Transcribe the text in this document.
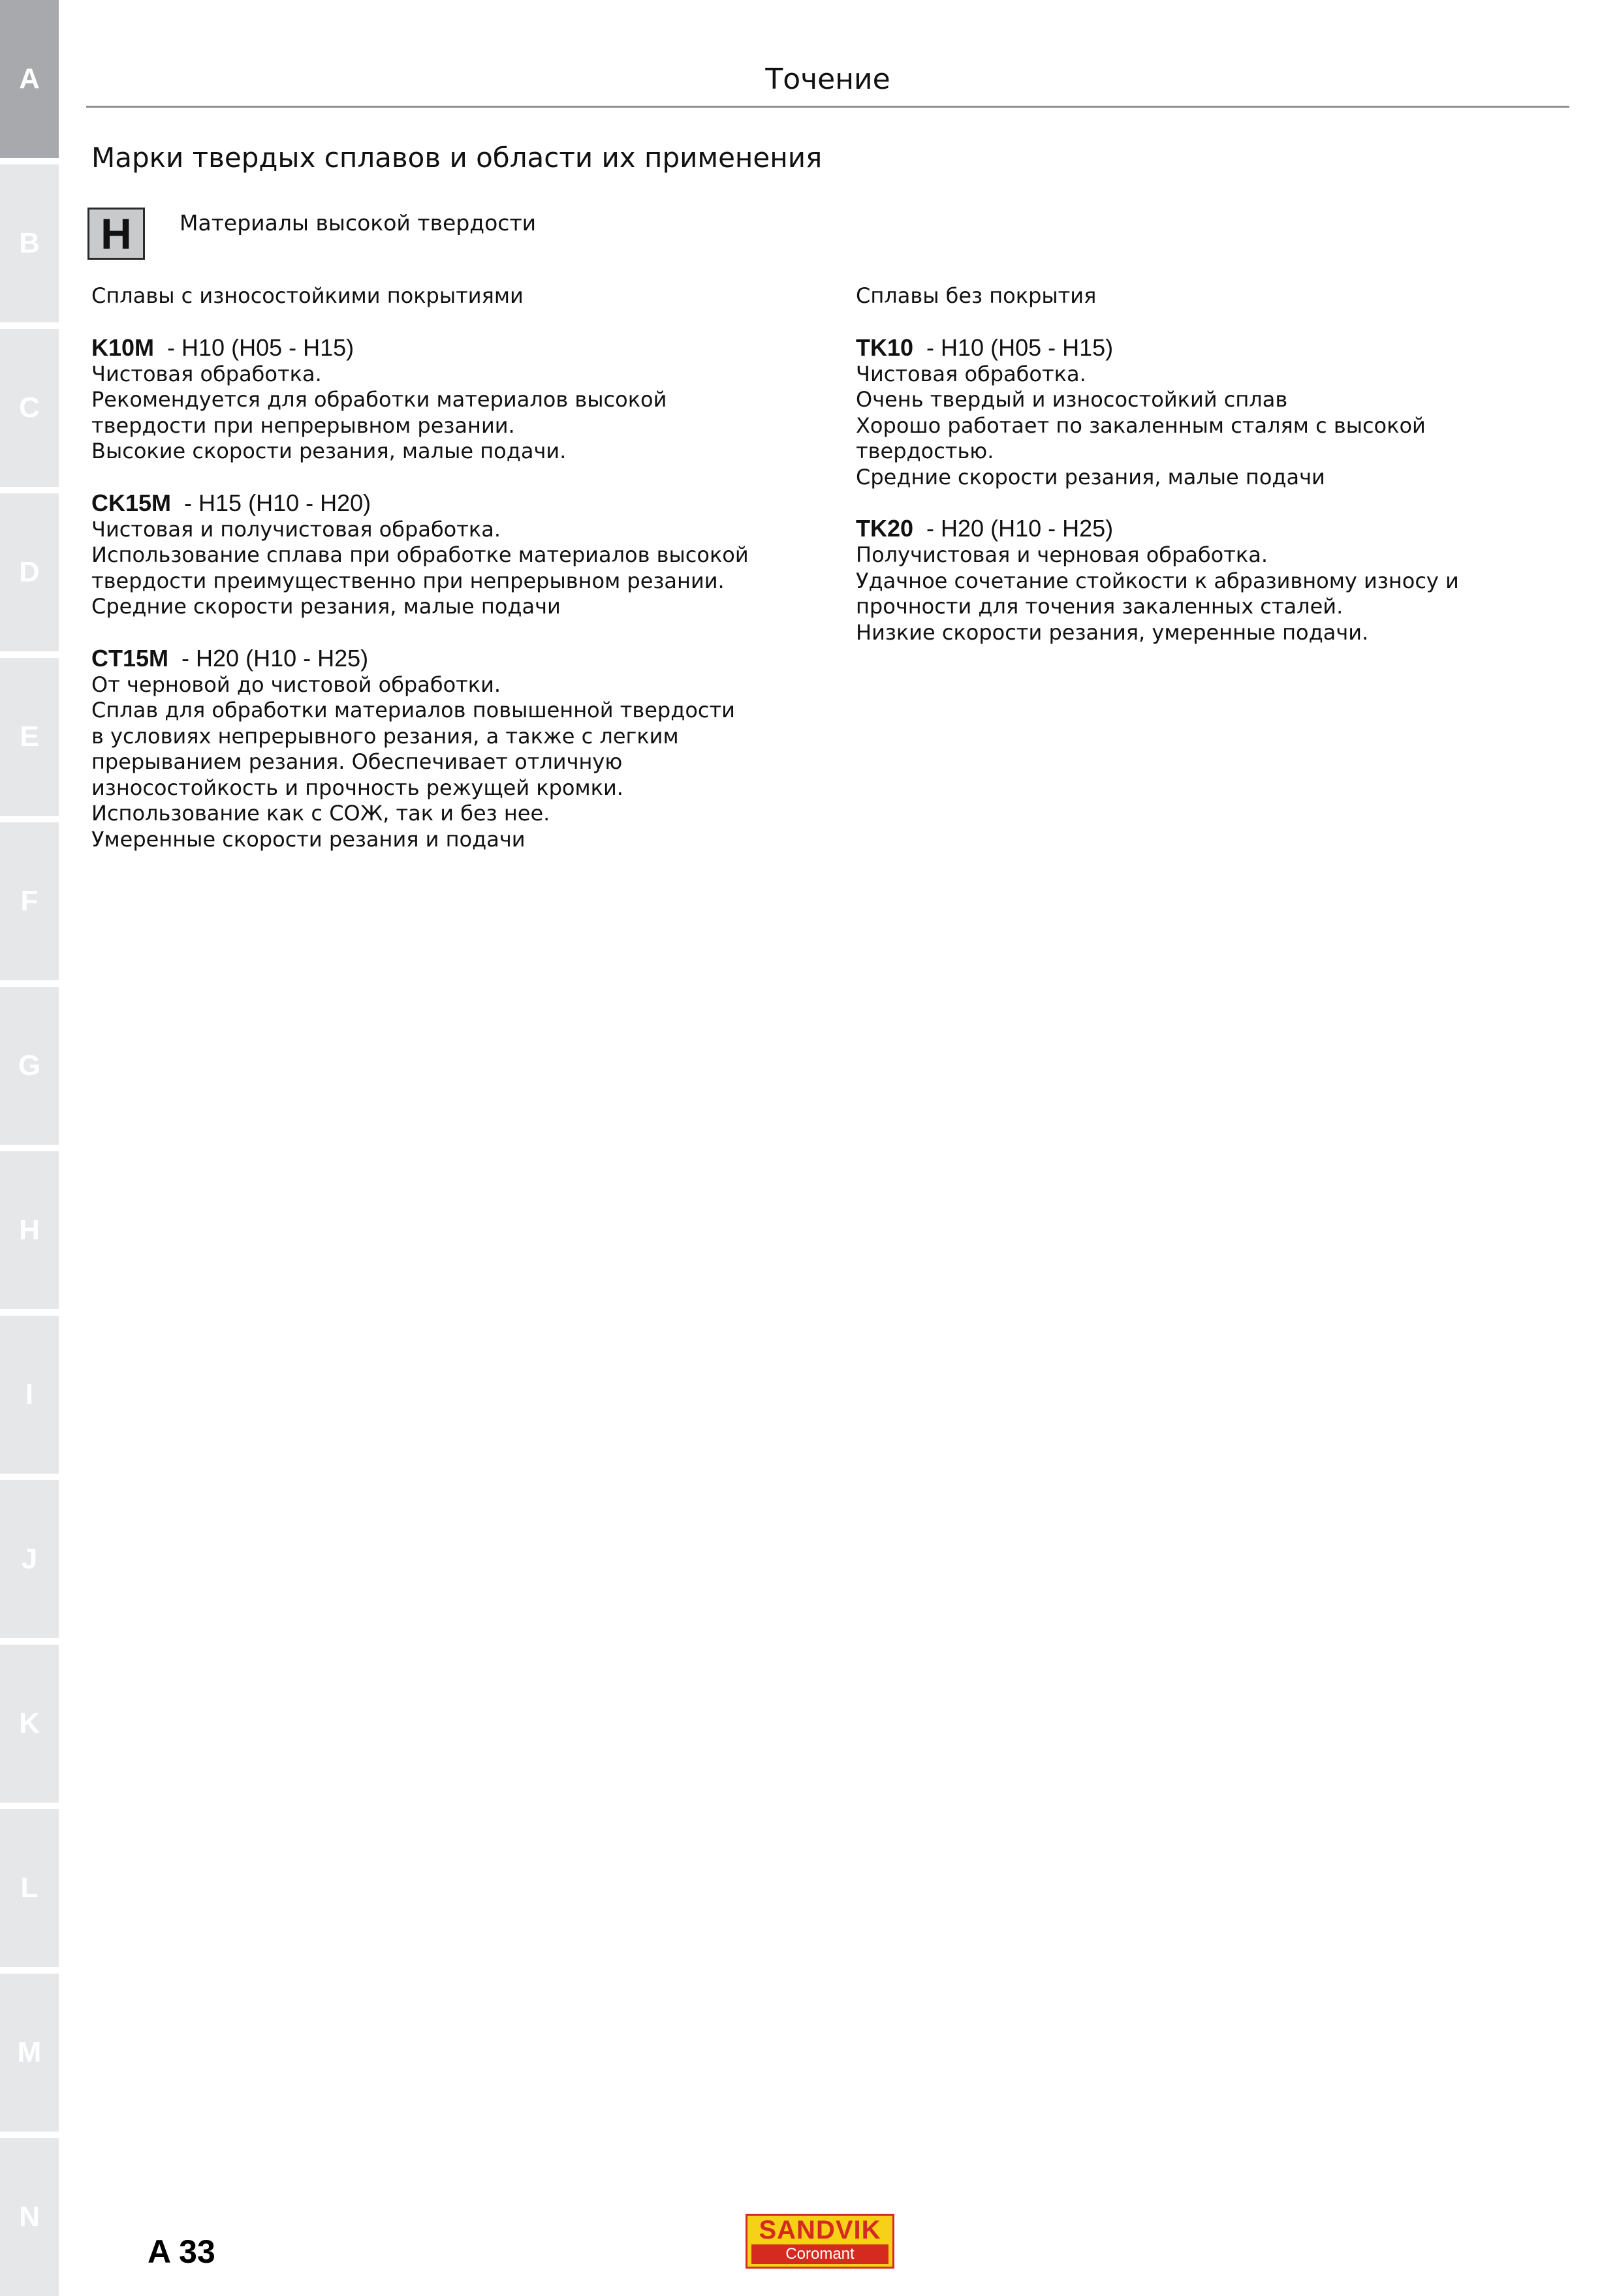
A
B
C
D
E
F
G
H
I
J
K
L
M
N
Точение
Марки твердых сплавов и области их применения
H	Материалы высокой твердости
Сплавы с износостойкими покрытиями
K10M - H10 (H05 - H15)
Чистовая обработка.
Рекомендуется для обработки материалов высокой
твердости при непрерывном резании.
Высокие скорости резания, малые подачи.
CK15M - H15 (H10 - H20)
Чистовая и получистовая обработка.
Использование сплава при обработке материалов высокой
твердости преимущественно при непрерывном резании.
Средние скорости резания, малые подачи
CT15M - H20 (H10 - H25)
От черновой до чистовой обработки.
Сплав для обработки материалов повышенной твердости
в условиях непрерывного резания, а также с легким
прерыванием резания. Обеспечивает отличную
износостойкость и прочность режущей кромки.
Использование как с СОЖ, так и без нее.
Умеренные скорости резания и подачи
Сплавы без покрытия
TK10 - H10 (H05 - H15)
Чистовая обработка.
Очень твердый и износостойкий сплав
Хорошо работает по закаленным сталям с высокой
твердостью.
Средние скорости резания, малые подачи
TK20 - H20 (H10 - H25)
Получистовая и черновая обработка.
Удачное сочетание стойкости к абразивному износу и
прочности для точения закаленных сталей.
Низкие скорости резания, умеренные подачи.
A 33
SANDVIK
Coromant
